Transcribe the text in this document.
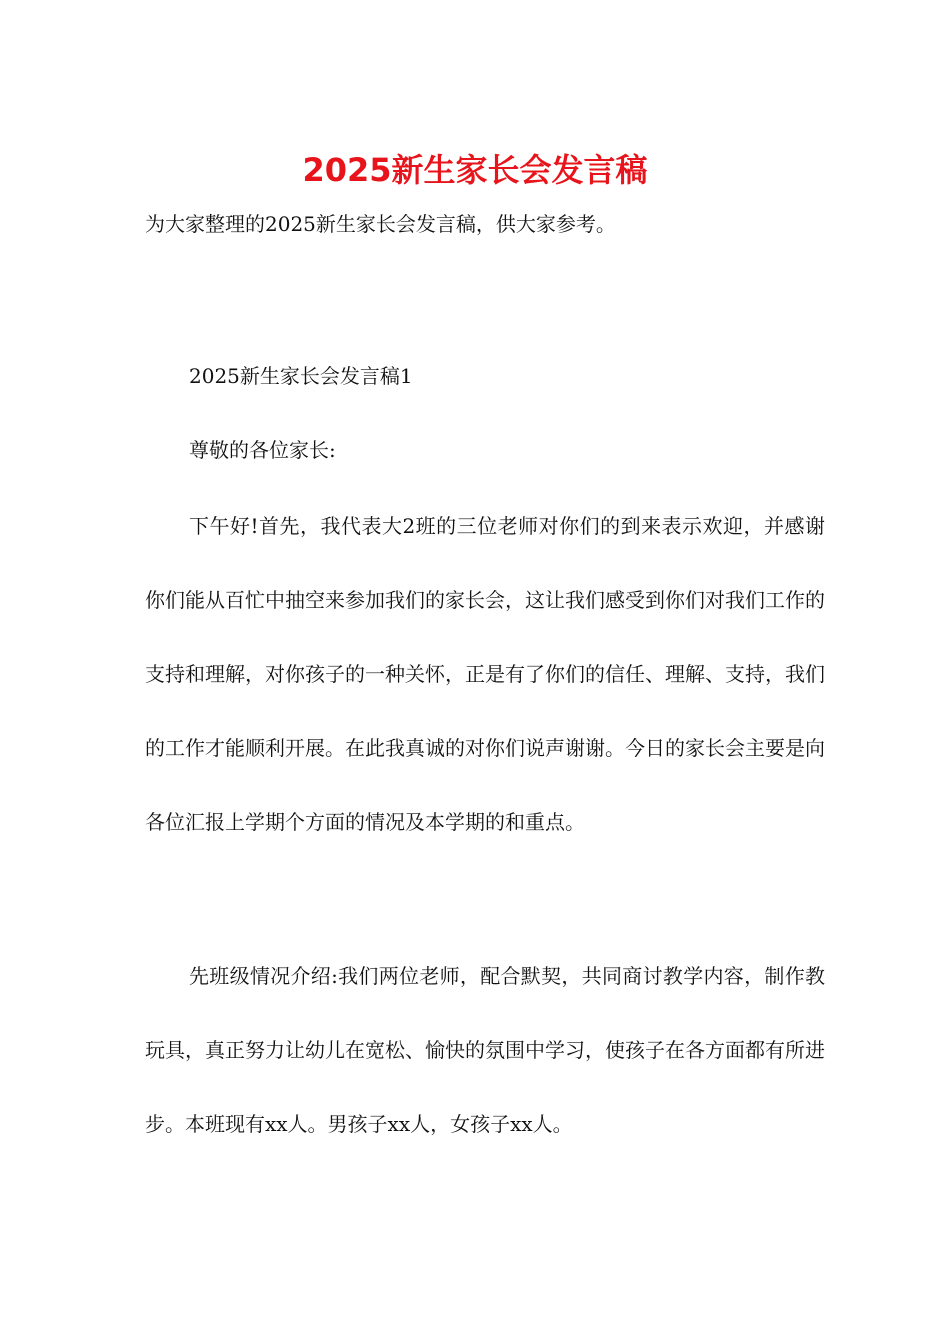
2025新生家长会发言稿

为大家整理的2025新生家长会发言稿，供大家参考。

2025新生家长会发言稿1

尊敬的各位家长:

下午好!首先，我代表大2班的三位老师对你们的到来表示欢迎，并感谢你们能从百忙中抽空来参加我们的家长会，这让我们感受到你们对我们工作的支持和理解，对你孩子的一种关怀，正是有了你们的信任、理解、支持，我们的工作才能顺利开展。在此我真诚的对你们说声谢谢。今日的家长会主要是向各位汇报上学期个方面的情况及本学期的和重点。

先班级情况介绍:我们两位老师，配合默契，共同商讨教学内容，制作教玩具，真正努力让幼儿在宽松、愉快的氛围中学习，使孩子在各方面都有所进步。本班现有xx人。男孩子xx人，女孩子xx人。
